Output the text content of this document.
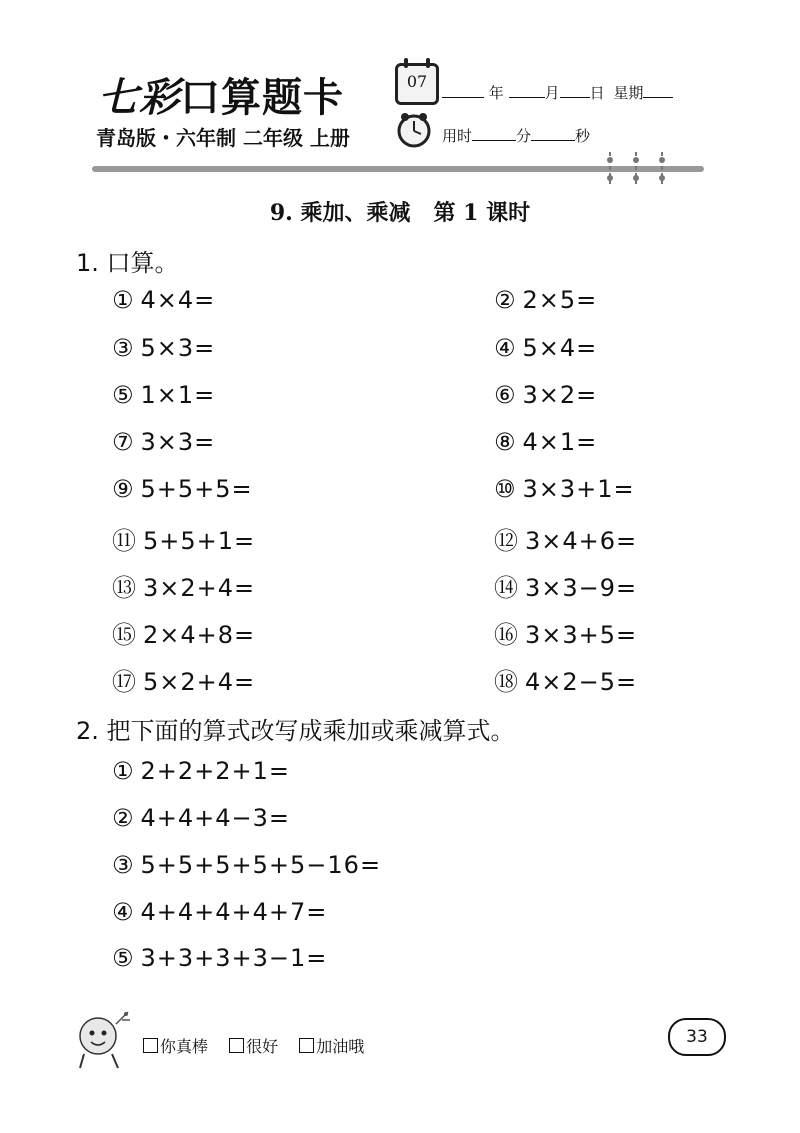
七彩口算题卡
青岛版・六年制 二年级 上册
07
年	月 日 星期
用时	分	秒
9. 乘加、乘减   第 1 课时
1. 口算。
① 4×4=	② 2×5=
③ 5×3=	④ 5×4=
⑤ 1×1=	⑥ 3×2=
⑦ 3×3=	⑧ 4×1=
⑨ 5+5+5=	⑩ 3×3+1=
⑪ 5+5+1=	⑫ 3×4+6=
⑬ 3×2+4=	⑭ 3×3−9=
⑮ 2×4+8=	⑯ 3×3+5=
⑰ 5×2+4=	⑱ 4×2−5=
2. 把下面的算式改写成乘加或乘减算式。
① 2+2+2+1=
② 4+4+4−3=
③ 5+5+5+5+5−16=
④ 4+4+4+4+7=
⑤ 3+3+3+3−1=
你真棒 很好 加油哦	33
